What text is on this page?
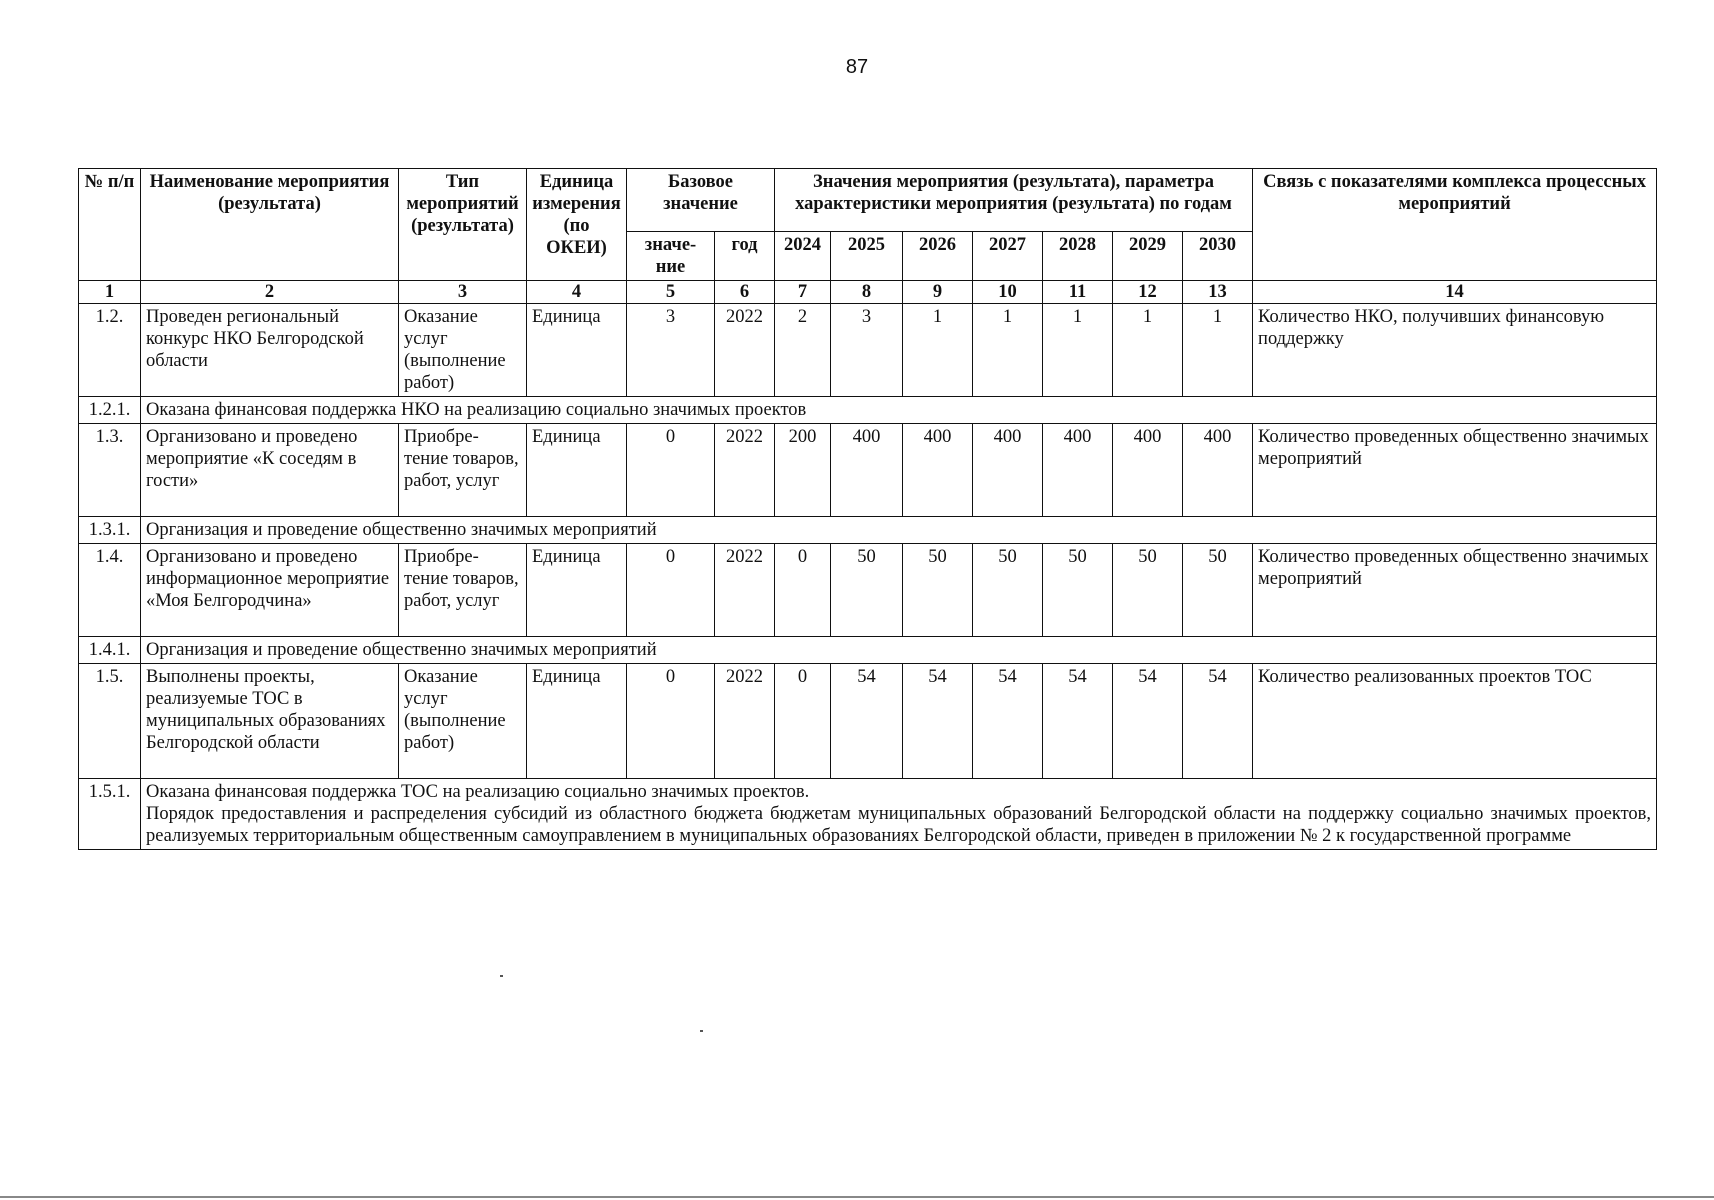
87
№ п/п	Наименование мероприятия (результата)	Тип мероприятий (результата)	Единица измерения (по ОКЕИ)	Базовое значение		Значения мероприятия (результата), параметра характеристики мероприятия (результата) по годам							Связь с показателями комплекса процессных мероприятий
				значе-ние	год	2024	2025	2026	2027	2028	2029	2030	
1	2	3	4	5	6	7	8	9	10	11	12	13	14
1.2.	Проведен региональный конкурс НКО Белгородской области	Оказание услуг (выполнение работ)	Единица	3	2022	2	3	1	1	1	1	1	Количество НКО, получивших финансовую поддержку
1.2.1.	Оказана финансовая поддержка НКО на реализацию социально значимых проектов												

1.3.	Организовано и проведено мероприятие «К соседям в гости»	Приобре-тение товаров, работ, услуг	Единица	0	2022	200	400	400	400	400	400	400	Количество проведенных общественно значимых мероприятий
1.3.1.	Организация и проведение общественно значимых мероприятий												

1.4.	Организовано и проведено информационное мероприятие «Моя Белгородчина»	Приобре-тение товаров, работ, услуг	Единица	0	2022	0	50	50	50	50	50	50	Количество проведенных общественно значимых мероприятий
1.4.1.	Организация и проведение общественно значимых мероприятий												

1.5.	Выполнены проекты, реализуемые ТОС в муниципальных образованиях Белгородской области	Оказание услуг (выполнение работ)	Единица	0	2022	0	54	54	54	54	54	54	Количество реализованных проектов ТОС
1.5.1.	Оказана финансовая поддержка ТОС на реализацию социально значимых проектов.
Порядок предоставления и распределения субсидий из областного бюджета бюджетам муниципальных образований Белгородской области на поддержку социально значимых проектов, реализуемых территориальным общественным самоуправлением в муниципальных образованиях Белгородской области, приведен в приложении № 2 к государственной программе												
